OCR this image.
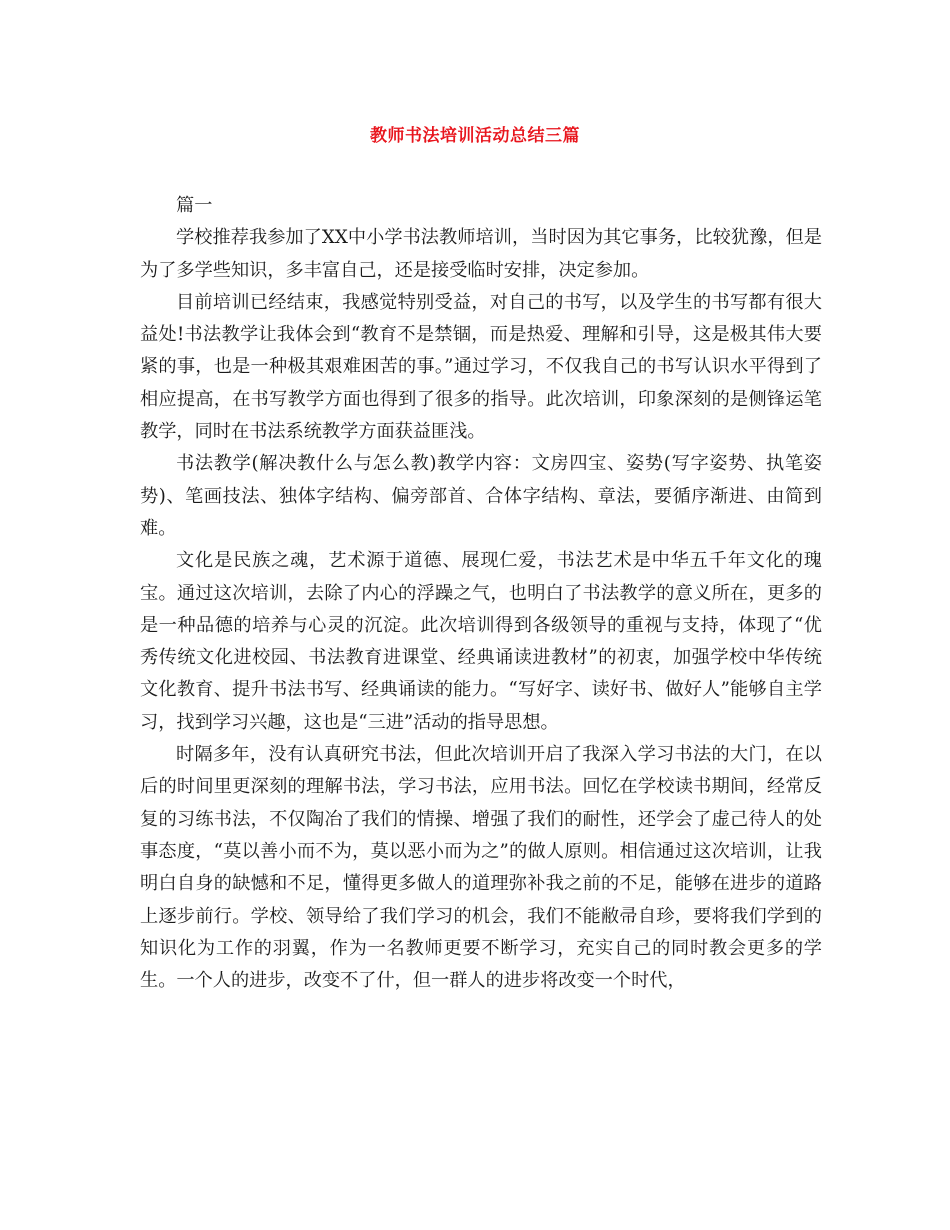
教师书法培训活动总结三篇

篇一

学校推荐我参加了XX中小学书法教师培训，当时因为其它事务，比较犹豫，但是为了多学些知识，多丰富自己，还是接受临时安排，决定参加。

目前培训已经结束，我感觉特别受益，对自己的书写，以及学生的书写都有很大益处!书法教学让我体会到“教育不是禁锢，而是热爱、理解和引导，这是极其伟大要紧的事，也是一种极其艰难困苦的事。”通过学习，不仅我自己的书写认识水平得到了相应提高，在书写教学方面也得到了很多的指导。此次培训，印象深刻的是侧锋运笔教学，同时在书法系统教学方面获益匪浅。

书法教学(解决教什么与怎么教)教学内容：文房四宝、姿势(写字姿势、执笔姿势)、笔画技法、独体字结构、偏旁部首、合体字结构、章法，要循序渐进、由简到难。

文化是民族之魂，艺术源于道德、展现仁爱，书法艺术是中华五千年文化的瑰宝。通过这次培训，去除了内心的浮躁之气，也明白了书法教学的意义所在，更多的是一种品德的培养与心灵的沉淀。此次培训得到各级领导的重视与支持，体现了“优秀传统文化进校园、书法教育进课堂、经典诵读进教材”的初衷，加强学校中华传统文化教育、提升书法书写、经典诵读的能力。“写好字、读好书、做好人”能够自主学习，找到学习兴趣，这也是“三进”活动的指导思想。

时隔多年，没有认真研究书法，但此次培训开启了我深入学习书法的大门，在以后的时间里更深刻的理解书法，学习书法，应用书法。回忆在学校读书期间，经常反复的习练书法，不仅陶冶了我们的情操、增强了我们的耐性，还学会了虚己待人的处事态度，“莫以善小而不为，莫以恶小而为之”的做人原则。相信通过这次培训，让我明白自身的缺憾和不足，懂得更多做人的道理弥补我之前的不足，能够在进步的道路上逐步前行。学校、领导给了我们学习的机会，我们不能敝帚自珍，要将我们学到的知识化为工作的羽翼，作为一名教师更要不断学习，充实自己的同时教会更多的学生。一个人的进步，改变不了什，但一群人的进步将改变一个时代，
